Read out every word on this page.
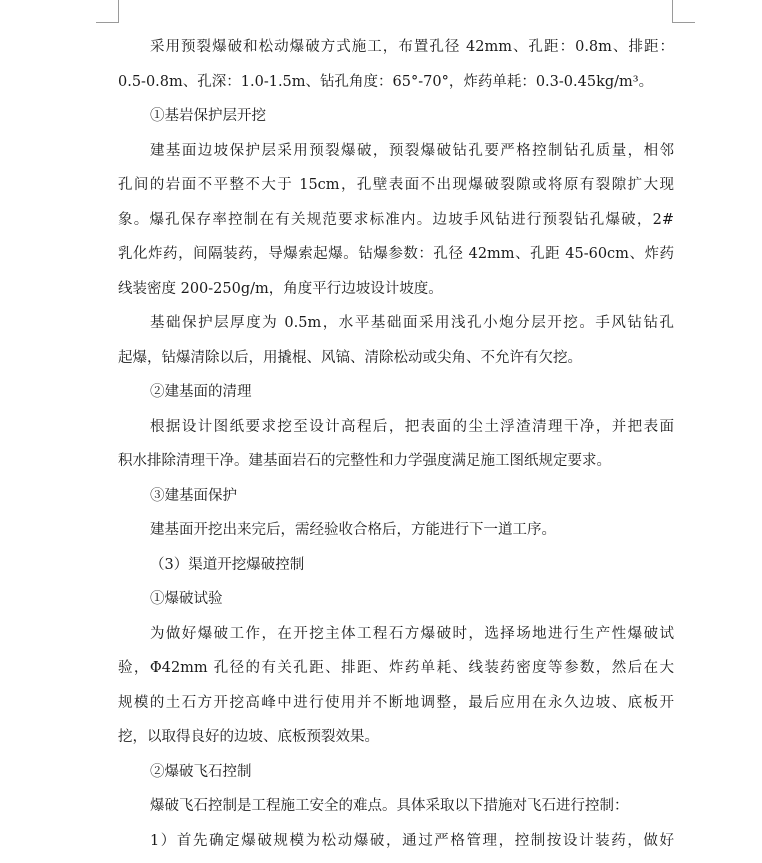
采用预裂爆破和松动爆破方式施工，布置孔径 42mm、孔距：0.8m、排距：
0.5-0.8m、孔深：1.0-1.5m、钻孔角度：65°-70°，炸药单耗：0.3-0.45kg/m³。
①基岩保护层开挖
建基面边坡保护层采用预裂爆破，预裂爆破钻孔要严格控制钻孔质量，相邻
孔间的岩面不平整不大于 15cm，孔壁表面不出现爆破裂隙或将原有裂隙扩大现
象。爆孔保存率控制在有关规范要求标准内。边坡手风钻进行预裂钻孔爆破，2#
乳化炸药，间隔装药，导爆索起爆。钻爆参数：孔径 42mm、孔距 45-60cm、炸药
线装密度 200-250g/m，角度平行边坡设计坡度。
基础保护层厚度为 0.5m，水平基础面采用浅孔小炮分层开挖。手风钻钻孔
起爆，钻爆清除以后，用撬棍、风镐、清除松动或尖角、不允许有欠挖。
②建基面的清理
根据设计图纸要求挖至设计高程后，把表面的尘土浮渣清理干净，并把表面
积水排除清理干净。建基面岩石的完整性和力学强度满足施工图纸规定要求。
③建基面保护
建基面开挖出来完后，需经验收合格后，方能进行下一道工序。
（3）渠道开挖爆破控制
①爆破试验
为做好爆破工作，在开挖主体工程石方爆破时，选择场地进行生产性爆破试
验，Φ42mm 孔径的有关孔距、排距、炸药单耗、线装药密度等参数，然后在大
规模的土石方开挖高峰中进行使用并不断地调整，最后应用在永久边坡、底板开
挖，以取得良好的边坡、底板预裂效果。
②爆破飞石控制
爆破飞石控制是工程施工安全的难点。具体采取以下措施对飞石进行控制：
1）首先确定爆破规模为松动爆破，通过严格管理，控制按设计装药，做好
